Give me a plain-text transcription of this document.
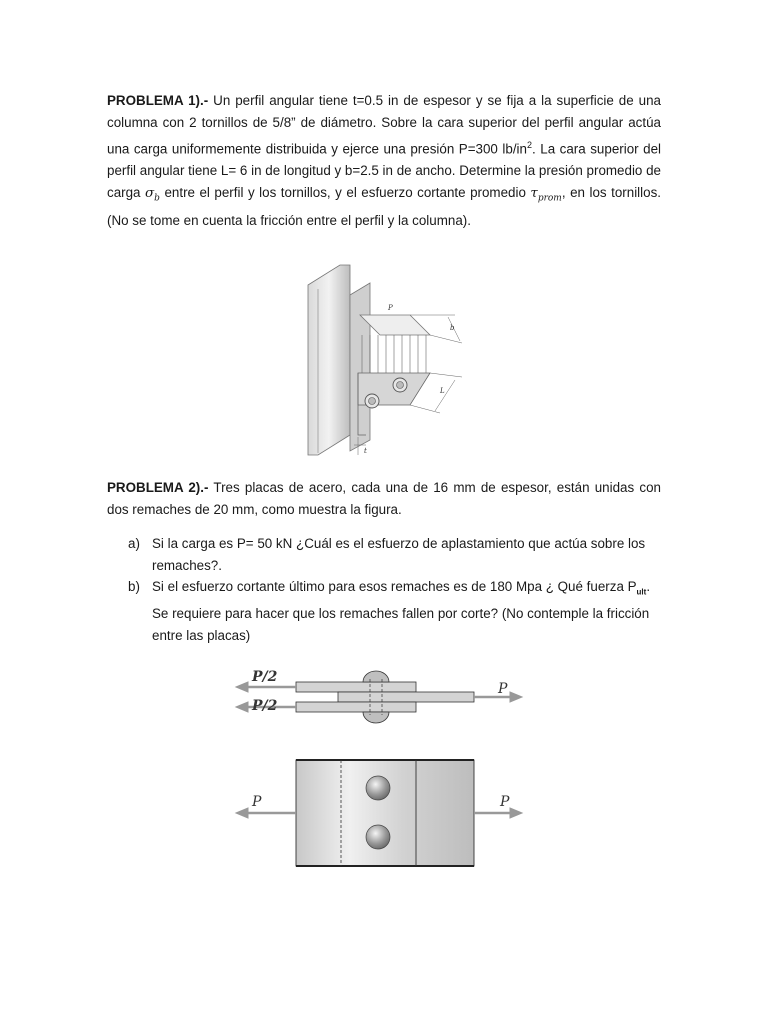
PROBLEMA 1).- Un perfil angular tiene t=0.5 in de espesor y se fija a la superficie de una columna con 2 tornillos de 5/8” de diámetro. Sobre la cara superior del perfil angular actúa una carga uniformemente distribuida y ejerce una presión P=300 $lb/in^2$. La cara superior del perfil angular tiene L= 6 in de longitud y b=2.5 in de ancho. Determine la presión promedio de carga $\sigma_b$ entre el perfil y los tornillos, y el esfuerzo cortante promedio $\tau_{prom}$, en los tornillos. (No se tome en cuenta la fricción entre el perfil y la columna).
P
b
L
t
PROBLEMA 2).- Tres placas de acero, cada una de 16 mm de espesor, están unidas con dos remaches de 20 mm, como muestra la figura.
a) Si la carga es P= 50 kN ¿Cuál es el esfuerzo de aplastamiento que actúa sobre los remaches?.
b) Si el esfuerzo cortante último para esos remaches es de 180 Mpa ¿ Qué fuerza $P_{ult}$. Se requiere para hacer que los remaches fallen por corte? (No contemple la fricción entre las placas)
P/2
P/2
P
P	P
